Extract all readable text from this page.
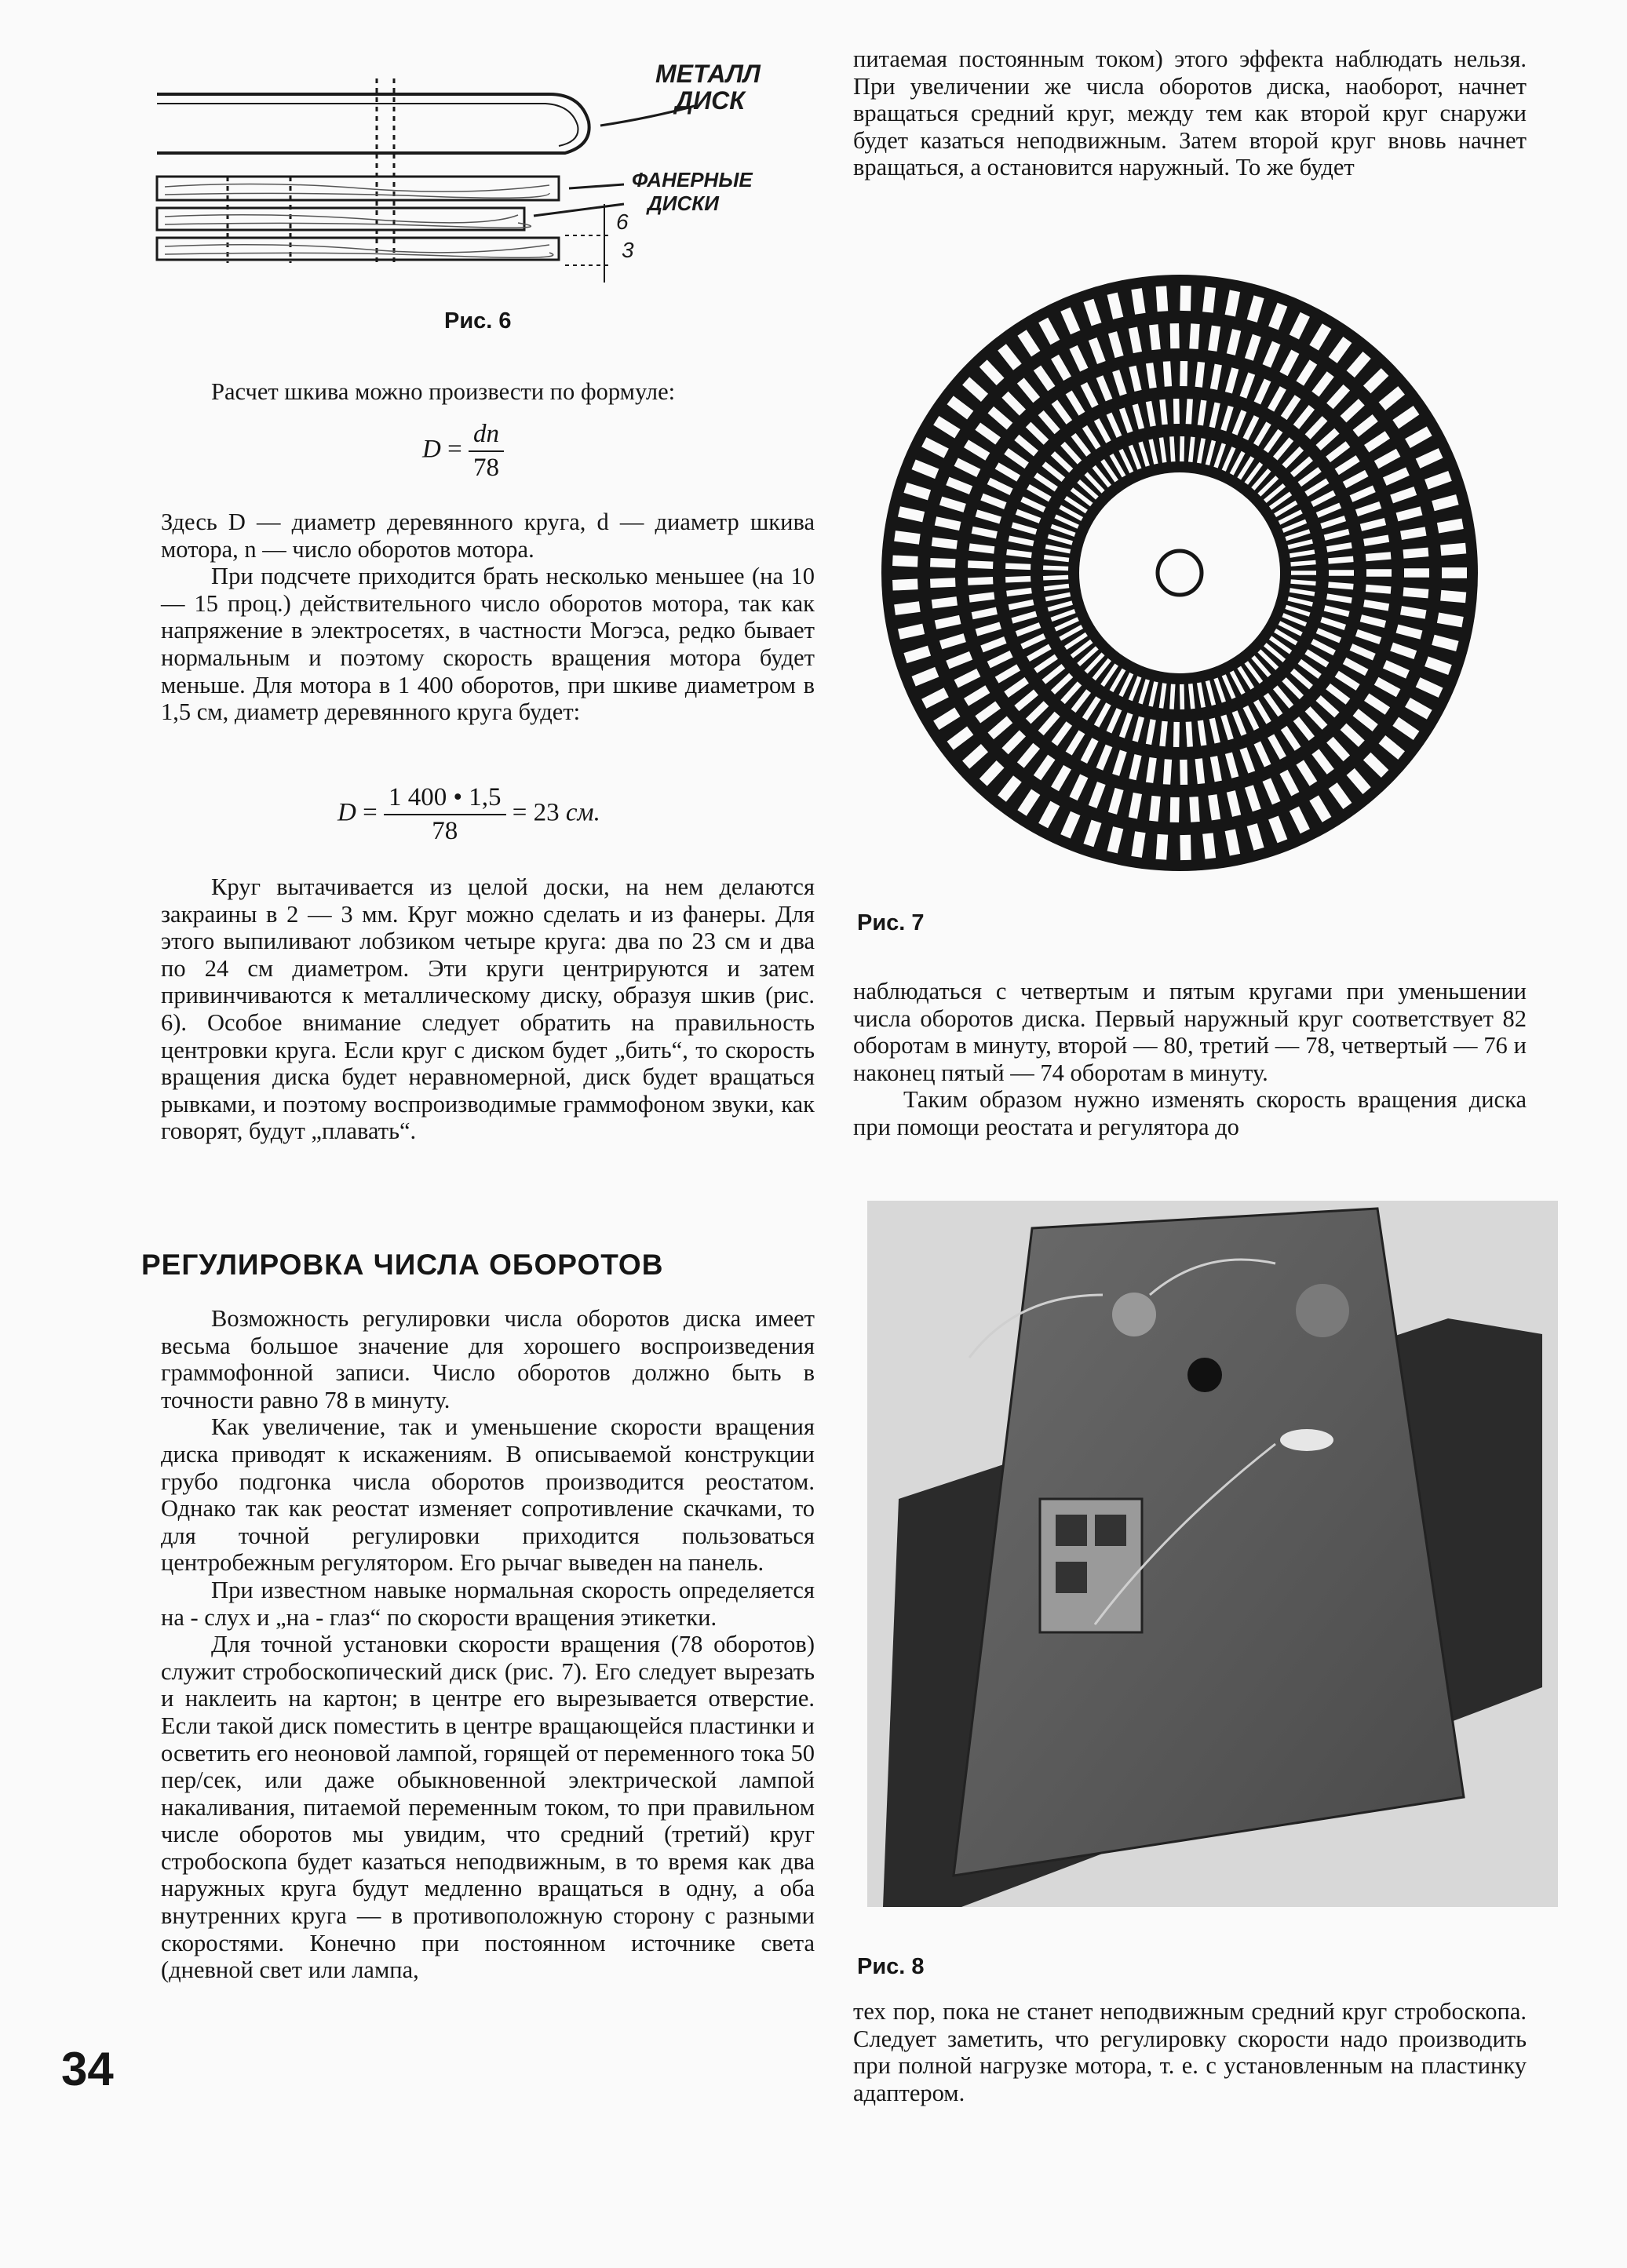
МЕТАЛЛ ДИСК
ФАНЕРНЫЕ ДИСКИ
6
3
Рис. 6

Расчет шкива можно произвести по формуле:

$D = \frac{dn}{78}$

Здесь D — диаметр деревянного круга, d — диаметр шкива мотора, n — число оборотов мотора.

При подсчете приходится брать несколько меньшее (на 10 — 15 проц.) действительного число оборотов мотора, так как напряжение в электросетях, в частности Могэса, редко бывает нормальным и поэтому скорость вращения мотора будет меньше. Для мотора в 1 400 оборотов, при шкиве диаметром в 1,5 см, диаметр деревянного круга будет:

$D = \frac{1 400 • 1,5}{78} = 23$ см.

Круг вытачивается из целой доски, на нем делаются закраины в 2 — 3 мм. Круг можно сделать и из фанеры. Для этого выпиливают лобзиком четыре круга: два по 23 см и два по 24 см диаметром. Эти круги центрируются и затем привинчиваются к металлическому диску, образуя шкив (рис. 6). Особое внимание следует обратить на правильность центровки круга. Если круг с диском будет „бить“, то скорость вращения диска будет неравномерной, диск будет вращаться рывками, и поэтому воспроизводимые граммофоном звуки, как говорят, будут „плавать“.

РЕГУЛИРОВКА ЧИСЛА ОБОРОТОВ

Возможность регулировки числа оборотов диска имеет весьма большое значение для хорошего воспроизведения граммофонной записи. Число оборотов должно быть в точности равно 78 в минуту.

Как увеличение, так и уменьшение скорости вращения диска приводят к искажениям. В описываемой конструкции грубо подгонка числа оборотов производится реостатом. Однако так как реостат изменяет сопротивление скачками, то для точной регулировки приходится пользоваться центробежным регулятором. Его рычаг выведен на панель.

При известном навыке нормальная скорость определяется на - слух и „на - глаз“ по скорости вращения этикетки.

Для точной установки скорости вращения (78 оборотов) служит стробоскопический диск (рис. 7). Его следует вырезать и наклеить на картон; в центре его вырезывается отверстие. Если такой диск поместить в центре вращающейся пластинки и осветить его неоновой лампой, горящей от переменного тока 50 пер/сек, или даже обыкновенной электрической лампой накаливания, питаемой переменным током, то при правильном числе оборотов мы увидим, что средний (третий) круг стробоскопа будет казаться неподвижным, в то время как два наружных круга будут медленно вращаться в одну, а оба внутренних круга — в противоположную сторону с разными скоростями. Конечно при постоянном источнике света (дневной свет или лампа,

34

питаемая постоянным током) этого эффекта наблюдать нельзя. При увеличении же числа оборотов диска, наоборот, начнет вращаться средний круг, между тем как второй круг снаружи будет казаться неподвижным. Затем второй круг вновь начнет вращаться, а остановится наружный. То же будет

Рис. 7

наблюдаться с четвертым и пятым кругами при уменьшении числа оборотов диска. Первый наружный круг соответствует 82 оборотам в минуту, второй — 80, третий — 78, четвертый — 76 и наконец пятый — 74 оборотам в минуту.

Таким образом нужно изменять скорость вращения диска при помощи реостата и регулятора до

Рис. 8

тех пор, пока не станет неподвижным средний круг стробоскопа. Следует заметить, что регулировку скорости надо производить при полной нагрузке мотора, т. е. с установленным на пластинку адаптером.
